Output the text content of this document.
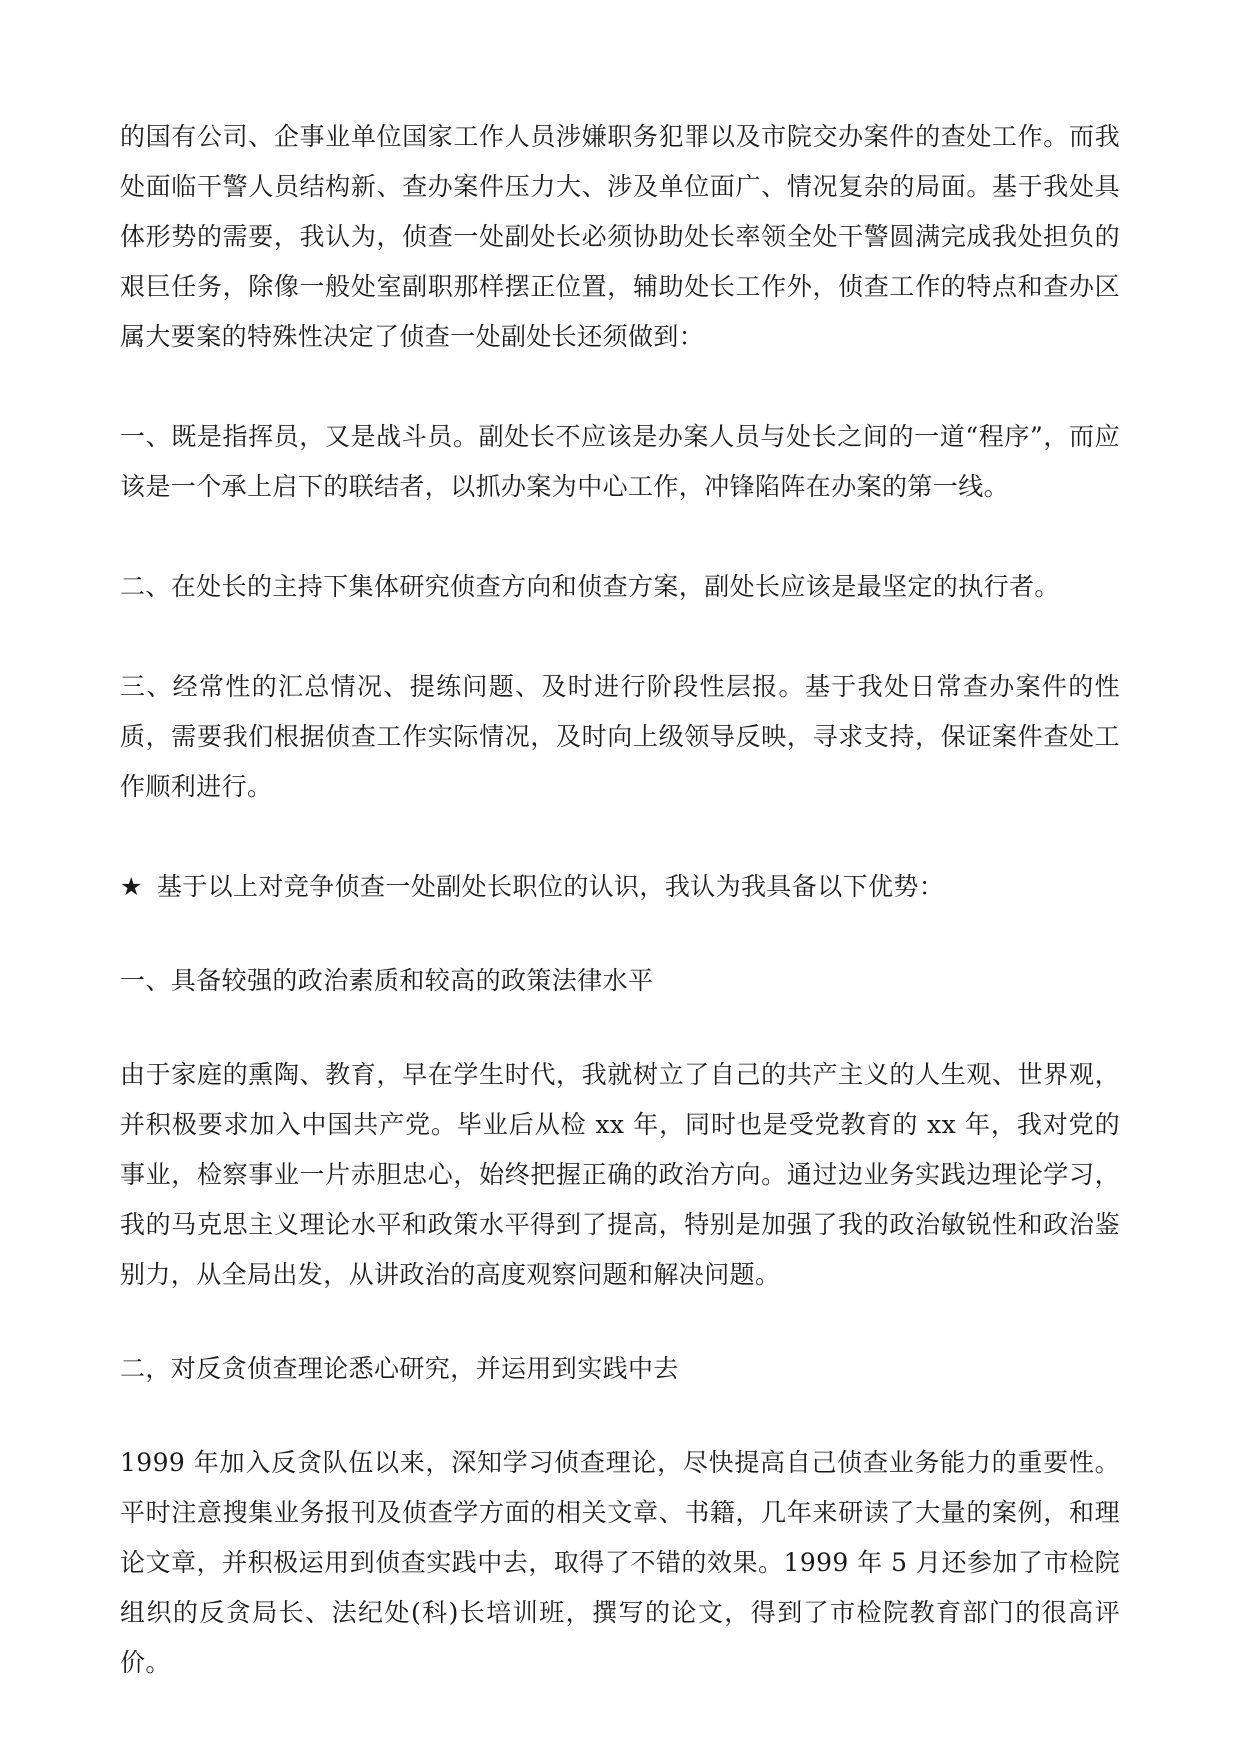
的国有公司、企事业单位国家工作人员涉嫌职务犯罪以及市院交办案件的查处工作。而我处面临干警人员结构新、查办案件压力大、涉及单位面广、情况复杂的局面。基于我处具体形势的需要，我认为，侦查一处副处长必须协助处长率领全处干警圆满完成我处担负的艰巨任务，除像一般处室副职那样摆正位置，辅助处长工作外，侦查工作的特点和查办区属大要案的特殊性决定了侦查一处副处长还须做到：

一、既是指挥员，又是战斗员。副处长不应该是办案人员与处长之间的一道“程序”，而应该是一个承上启下的联结者，以抓办案为中心工作，冲锋陷阵在办案的第一线。

二、在处长的主持下集体研究侦查方向和侦查方案，副处长应该是最坚定的执行者。

三、经常性的汇总情况、提练问题、及时进行阶段性层报。基于我处日常查办案件的性质，需要我们根据侦查工作实际情况，及时向上级领导反映，寻求支持，保证案件查处工作顺利进行。

★ 基于以上对竞争侦查一处副处长职位的认识，我认为我具备以下优势：

一、具备较强的政治素质和较高的政策法律水平

由于家庭的熏陶、教育，早在学生时代，我就树立了自己的共产主义的人生观、世界观，并积极要求加入中国共产党。毕业后从检 xx 年，同时也是受党教育的 xx 年，我对党的事业，检察事业一片赤胆忠心，始终把握正确的政治方向。通过边业务实践边理论学习，我的马克思主义理论水平和政策水平得到了提高，特别是加强了我的政治敏锐性和政治鉴别力，从全局出发，从讲政治的高度观察问题和解决问题。

二，对反贪侦查理论悉心研究，并运用到实践中去

1999 年加入反贪队伍以来，深知学习侦查理论，尽快提高自己侦查业务能力的重要性。平时注意搜集业务报刊及侦查学方面的相关文章、书籍，几年来研读了大量的案例，和理论文章，并积极运用到侦查实践中去，取得了不错的效果。1999 年 5 月还参加了市检院组织的反贪局长、法纪处(科)长培训班，撰写的论文，得到了市检院教育部门的很高评价。
